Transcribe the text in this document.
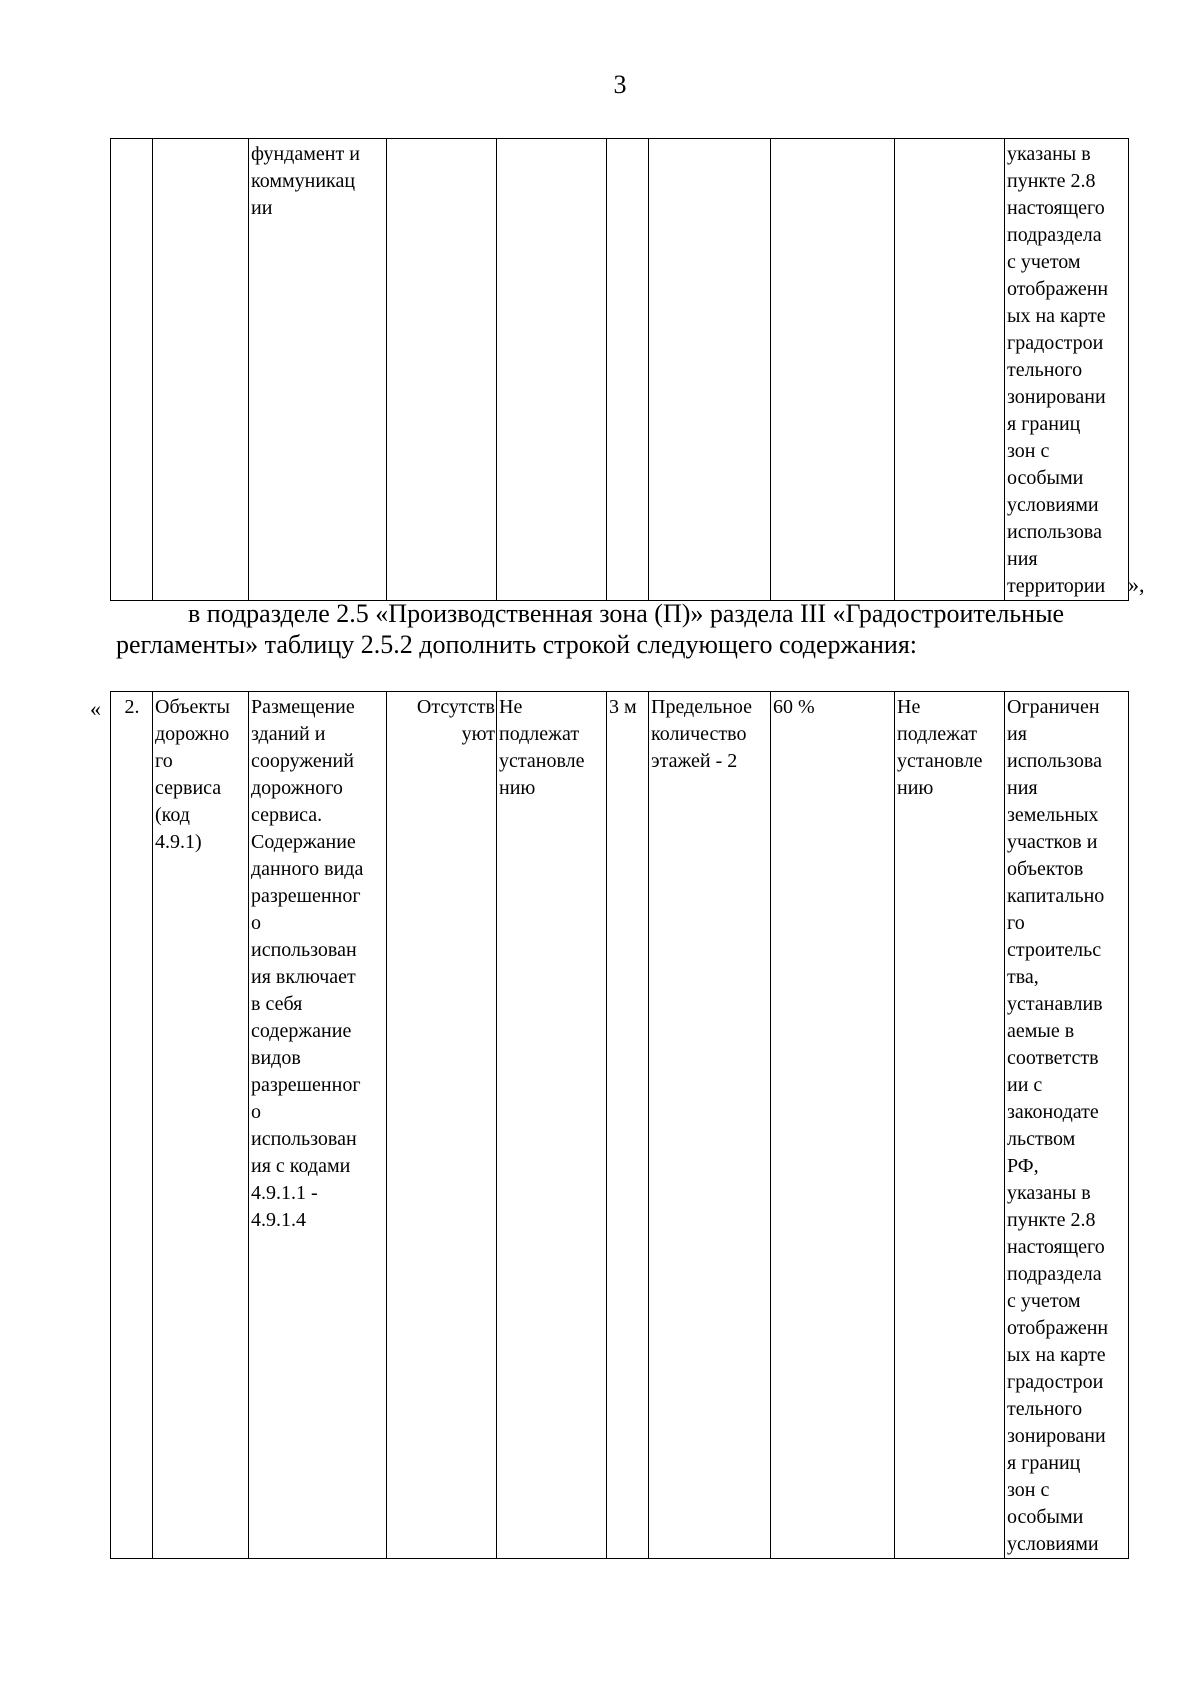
3
		фундамент и
коммуникац
ии							указаны в
пункте 2.8
настоящего
подраздела
с учетом
отображенн
ых на карте
градострои
тельного
зонировани
я границ
зон с
особыми
условиями
использова
ния
территории »,
в подразделе 2.5 «Производственная зона (П)» раздела III «Градостроительные
регламенты» таблицу 2.5.2 дополнить строкой следующего содержания:
« 2.	Объекты
дорожно
го
сервиса
(код
4.9.1)	Размещение
зданий и
сооружений
дорожного
сервиса.
Содержание
данного вида
разрешенног
о
использован
ия включает
в себя
содержание
видов
разрешенног
о
использован
ия с кодами
4.9.1.1 -
4.9.1.4	Отсутств
уют	Не
подлежат
установле
нию	3 м	Предельное
количество
этажей - 2	60 %	Не
подлежат
установле
нию	Ограничен
ия
использова
ния
земельных
участков и
объектов
капитально
го
строительс
тва,
устанавлив
аемые в
соответств
ии с
законодате
льством
РФ,
указаны в
пункте 2.8
настоящего
подраздела
с учетом
отображенн
ых на карте
градострои
тельного
зонировани
я границ
зон с
особыми
условиями
